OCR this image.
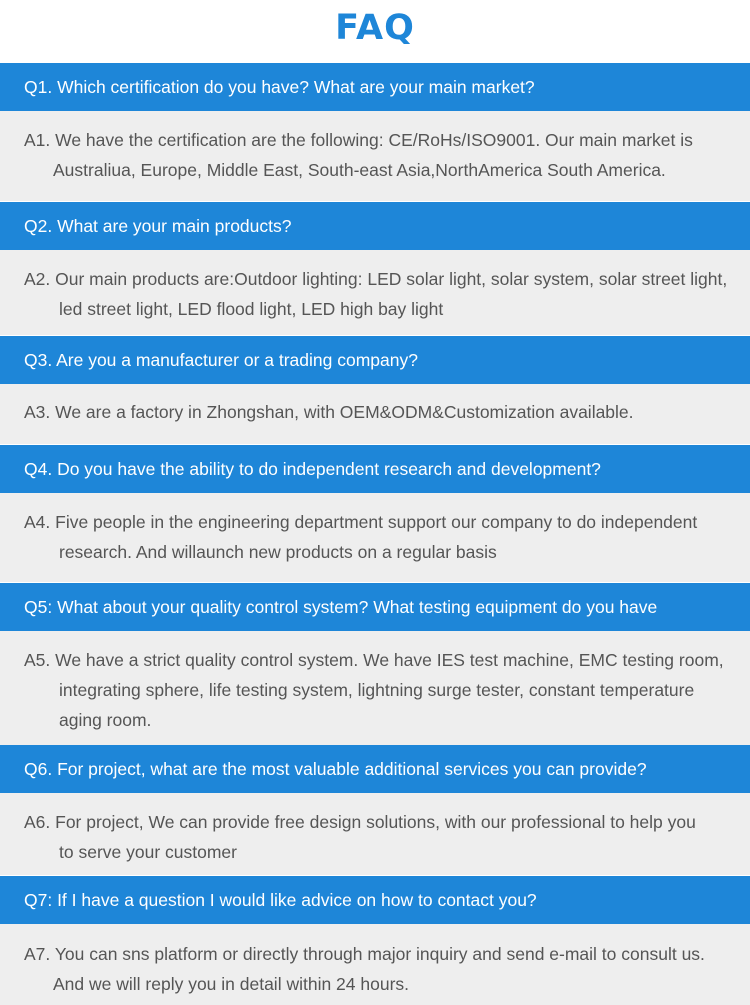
FAQ
Q1. Which certification do you have? What are your main market?
A1. We have the certification are the following: CE/RoHs/ISO9001. Our main market is
Australiua, Europe, Middle East, South-east Asia,NorthAmerica South America.
Q2. What are your main products?
A2. Our main products are:Outdoor lighting: LED solar light, solar system, solar street light,
led street light, LED flood light, LED high bay light
Q3. Are you a manufacturer or a trading company?
A3. We are a factory in Zhongshan, with OEM&ODM&Customization available.
Q4. Do you have the ability to do independent research and development?
A4. Five people in the engineering department support our company to do independent
research. And willaunch new products on a regular basis
Q5: What about your quality control system? What testing equipment do you have
A5. We have a strict quality control system. We have IES test machine, EMC testing room,
integrating sphere, life testing system, lightning surge tester, constant temperature
aging room.
Q6. For project, what are the most valuable additional services you can provide?
A6. For project, We can provide free design solutions, with our professional to help you
to serve your customer
Q7: If I have a question I would like advice on how to contact you?
A7. You can sns platform or directly through major inquiry and send e-mail to consult us.
And we will reply you in detail within 24 hours.
